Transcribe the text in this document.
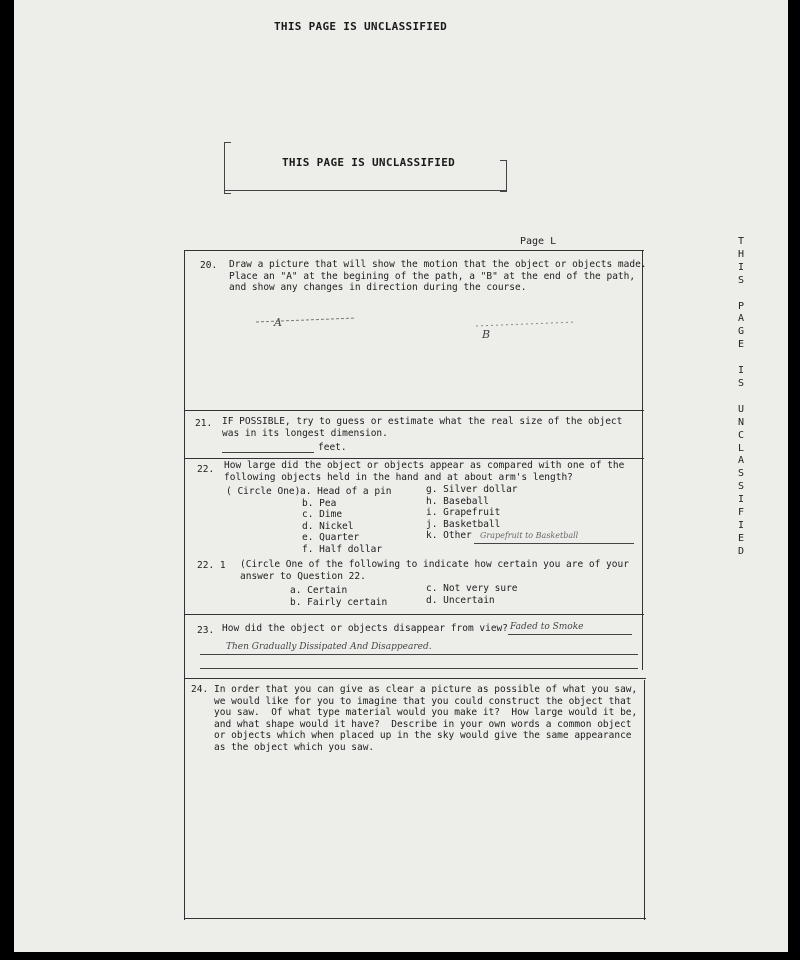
THIS PAGE IS UNCLASSIFIED
THIS PAGE IS UNCLASSIFIED
Page L	T
H
I
S

P
A
G
E

I
S

U
N
C
L
A
S
S
I
F
I
E
D
20. Draw a picture that will show the motion that the object or objects made.
Place an "A" at the begining of the path, a "B" at the end of the path,
and show any changes in direction during the course.
A
B
21. IF POSSIBLE, try to guess or estimate what the real size of the object
was in its longest dimension.
feet.
22. How large did the object or objects appear as compared with one of the
following objects held in the hand and at about arm's length?
( Circle One) a. Head of a pin
b. Pea
c. Dime
d. Nickel
e. Quarter
f. Half dollar
g. Silver dollar
h. Baseball
i. Grapefruit
j. Basketball
k. Other	Grapefruit to Basketball
22. 1 (Circle One of the following to indicate how certain you are of your
answer to Question 22.
a. Certain
b. Fairly certain
c. Not very sure
d. Uncertain
23. How did the object or objects disappear from view? Faded to Smoke
Then Gradually Dissipated And Disappeared.
24. In order that you can give as clear a picture as possible of what you saw,
we would like for you to imagine that you could construct the object that
you saw.  Of what type material would you make it?  How large would it be,
and what shape would it have?  Describe in your own words a common object
or objects which when placed up in the sky would give the same appearance
as the object which you saw.
